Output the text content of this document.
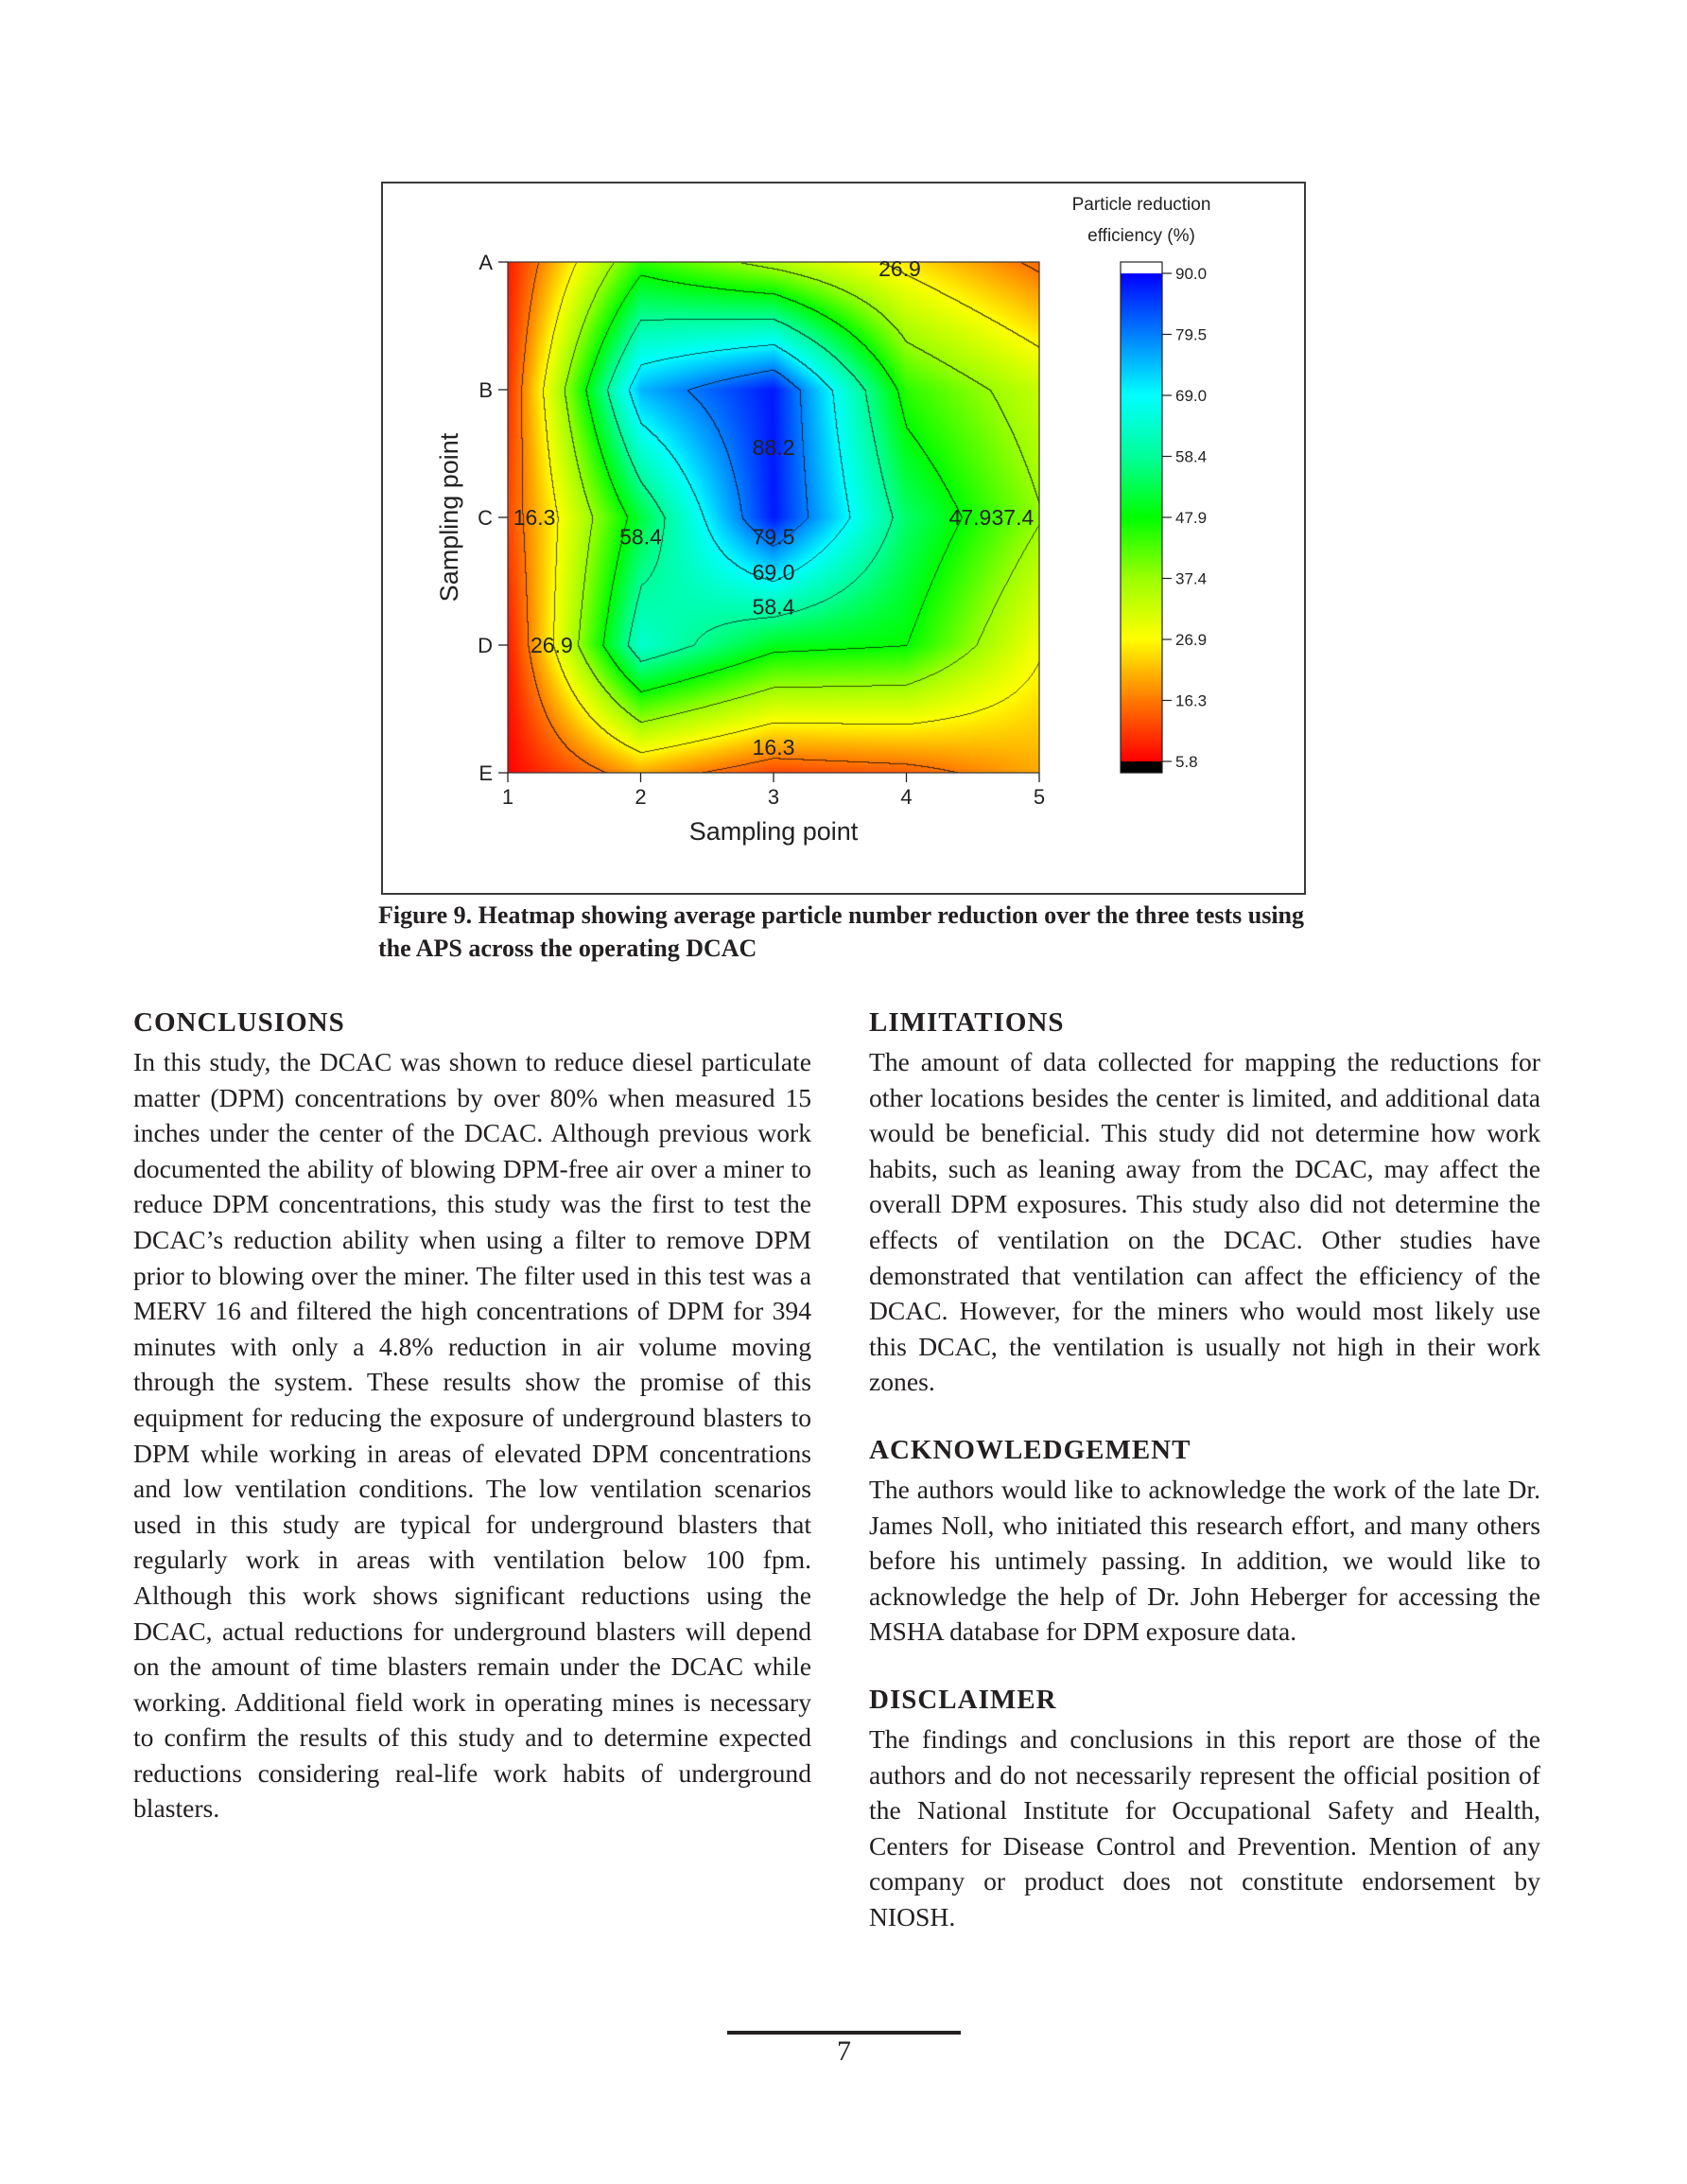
26.9
88.2
16.3
58.4	79.5
69.0
58.4
47.9 37.4
26.9
16.3
A
B
C
D
E
1	2	3	4	5
Sampling point
Sampling point
90.0
79.5
69.0
58.4
47.9
37.4
26.9
16.3
5.8
Particle reduction
efficiency (%)
Figure 9. Heatmap showing average particle number reduction over the three tests using the APS across the operating DCAC
CONCLUSIONS

In this study, the DCAC was shown to reduce diesel particulate matter (DPM) concentrations by over 80% when measured 15 inches under the center of the DCAC. Although previous work documented the ability of blowing DPM-free air over a miner to reduce DPM concentrations, this study was the first to test the DCAC’s reduction ability when using a filter to remove DPM prior to blowing over the miner. The filter used in this test was a MERV 16 and filtered the high concentrations of DPM for 394 minutes with only a 4.8% reduction in air volume moving through the system. These results show the promise of this equipment for reducing the exposure of underground blasters to DPM while working in areas of elevated DPM concentrations and low ventilation conditions. The low ventilation scenarios used in this study are typical for underground blasters that regularly work in areas with ventilation below 100 fpm. Although this work shows significant reductions using the DCAC, actual reductions for underground blasters will depend on the amount of time blasters remain under the DCAC while working. Additional field work in operating mines is necessary to confirm the results of this study and to determine expected reductions considering real-life work habits of underground blasters.

LIMITATIONS

The amount of data collected for mapping the reductions for other locations besides the center is limited, and additional data would be beneficial. This study did not determine how work habits, such as leaning away from the DCAC, may affect the overall DPM exposures. This study also did not determine the effects of ventilation on the DCAC. Other studies have demonstrated that ventilation can affect the efficiency of the DCAC. However, for the miners who would most likely use this DCAC, the ventilation is usually not high in their work zones.

ACKNOWLEDGEMENT

The authors would like to acknowledge the work of the late Dr. James Noll, who initiated this research effort, and many others before his untimely passing. In addition, we would like to acknowledge the help of Dr. John Heberger for accessing the MSHA database for DPM exposure data.

DISCLAIMER

The findings and conclusions in this report are those of the authors and do not necessarily represent the official position of the National Institute for Occupational Safety and Health, Centers for Disease Control and Prevention. Mention of any company or product does not constitute endorsement by NIOSH.

7
